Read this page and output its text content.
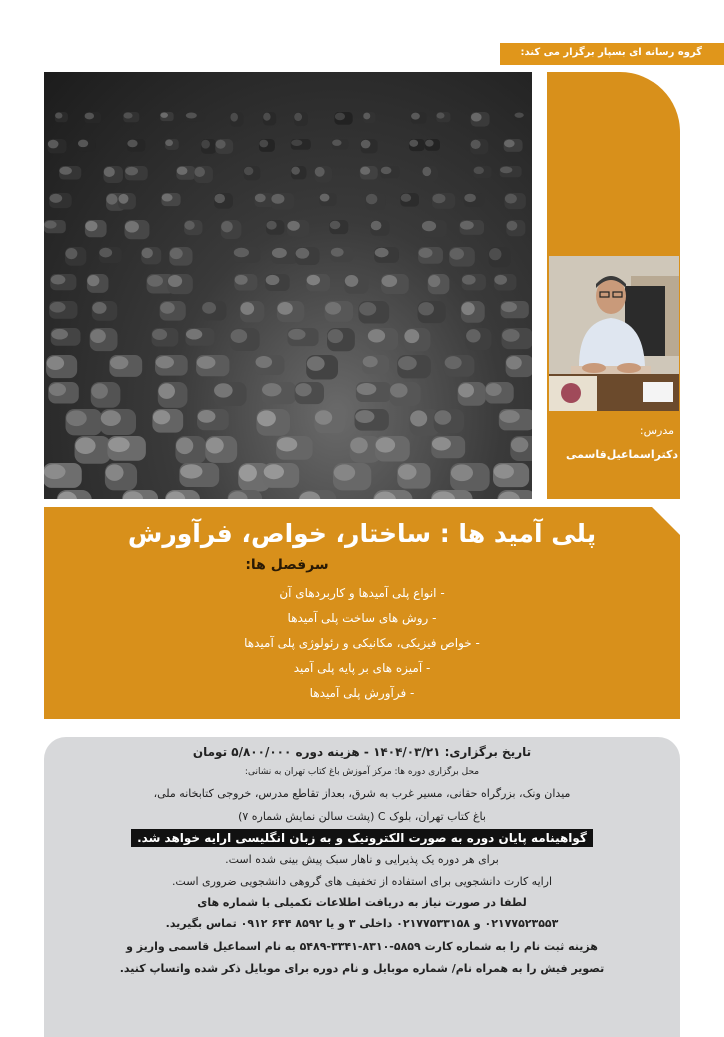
گروه رسانه ای بسپار برگزار می کند:
مدرس:
دکتراسماعیل‌قاسمی
پلی آمید ها : ساختار، خواص، فرآورش
سرفصل ها:
- انواع پلی آمیدها و کاربردهای آن
- روش های ساخت پلی آمیدها
- خواص فیزیکی، مکانیکی و رئولوژی پلی آمیدها
- آمیزه های بر پایه پلی آمید
- فرآورش پلی آمیدها
تاریخ برگزاری: ۱۴۰۴/۰۳/۲۱ - هزینه دوره ۵/۸۰۰/۰۰۰ تومان
محل برگزاری دوره ها: مرکز آموزش باغ کتاب تهران به نشانی:
میدان ونک، بزرگراه حقانی، مسیر غرب به شرق، بعداز تقاطع مدرس، خروجی کتابخانه ملی،
باغ کتاب تهران، بلوک C (پشت سالن نمایش شماره ۷)
گواهینامه پایان دوره به صورت الکترونیک و به زبان انگلیسی ارایه خواهد شد.
برای هر دوره یک پذیرایی و ناهار سبک پیش بینی شده است.
ارایه کارت دانشجویی برای استفاده از تخفیف های گروهی دانشجویی ضروری است.
لطفا در صورت نیاز به دریافت اطلاعات تکمیلی با شماره های
۰۲۱۷۷۵۲۳۵۵۳ و ۰۲۱۷۷۵۳۳۱۵۸ داخلی ۳ و یا ۸۵۹۲ ۶۴۴ ۰۹۱۲ تماس بگیرید.
هزینه ثبت نام را به شماره کارت ۵۸۵۹-۸۳۱۰-۳۳۴۱-۵۴۸۹ به نام اسماعیل قاسمی واریز و
تصویر فیش را به همراه نام/ شماره موبایل و نام دوره برای موبایل ذکر شده واتساپ کنید.
